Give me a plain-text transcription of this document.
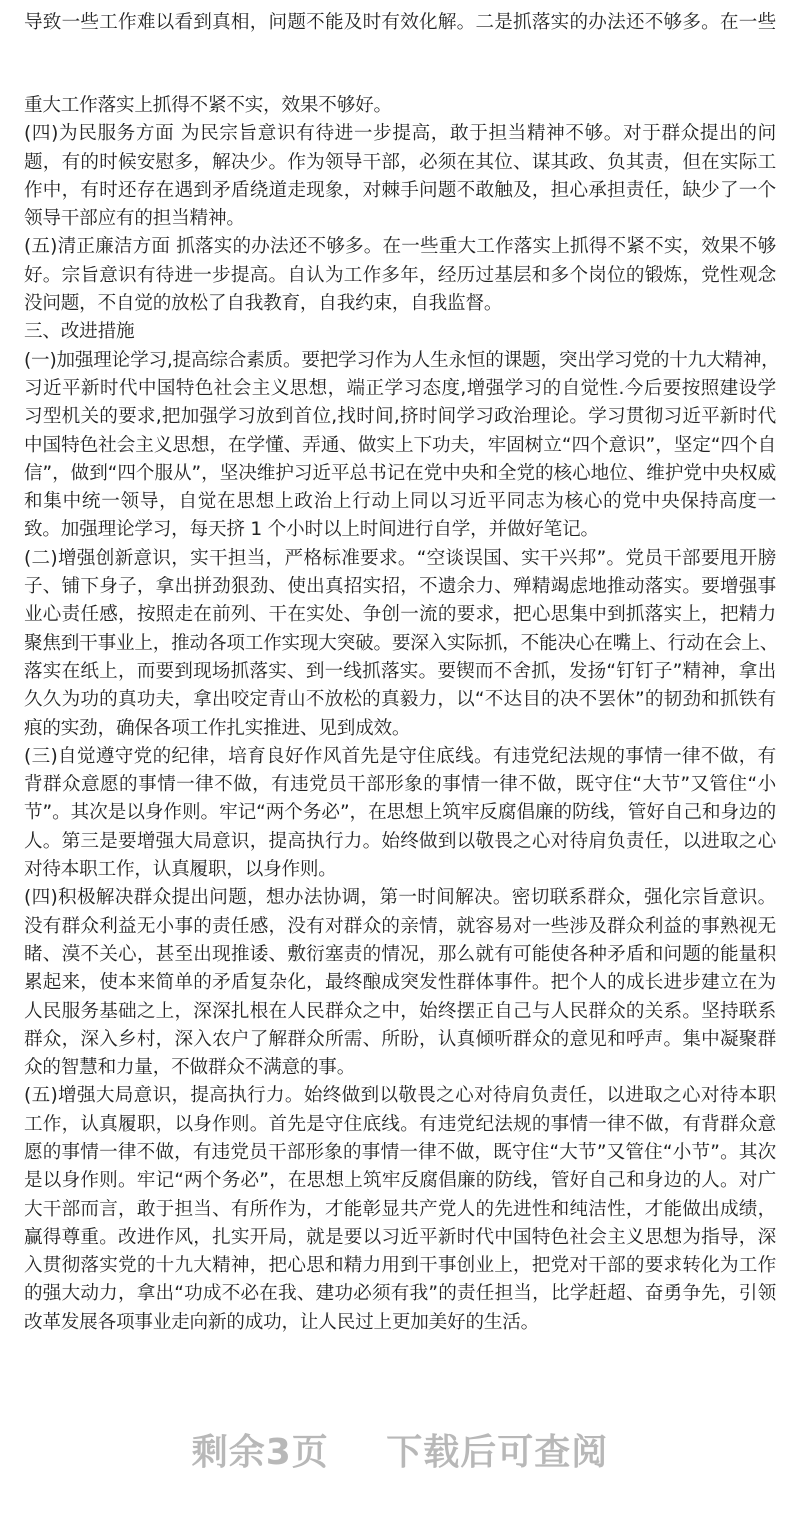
导致一些工作难以看到真相，问题不能及时有效化解。二是抓落实的办法还不够多。在一些
重大工作落实上抓得不紧不实，效果不够好。
(四)为民服务方面 为民宗旨意识有待进一步提高，敢于担当精神不够。对于群众提出的问
题，有的时候安慰多，解决少。作为领导干部，必须在其位、谋其政、负其责，但在实际工
作中，有时还存在遇到矛盾绕道走现象，对棘手问题不敢触及，担心承担责任，缺少了一个
领导干部应有的担当精神。
(五)清正廉洁方面 抓落实的办法还不够多。在一些重大工作落实上抓得不紧不实，效果不够
好。宗旨意识有待进一步提高。自认为工作多年，经历过基层和多个岗位的锻炼，党性观念
没问题，不自觉的放松了自我教育，自我约束，自我监督。
三、改进措施
(一)加强理论学习,提高综合素质。要把学习作为人生永恒的课题，突出学习党的十九大精神，
习近平新时代中国特色社会主义思想，端正学习态度,增强学习的自觉性.今后要按照建设学
习型机关的要求,把加强学习放到首位,找时间,挤时间学习政治理论。学习贯彻习近平新时代
中国特色社会主义思想，在学懂、弄通、做实上下功夫，牢固树立“四个意识”，坚定“四个自
信”，做到“四个服从”，坚决维护习近平总书记在党中央和全党的核心地位、维护党中央权威
和集中统一领导，自觉在思想上政治上行动上同以习近平同志为核心的党中央保持高度一
致。加强理论学习，每天挤 1 个小时以上时间进行自学，并做好笔记。
(二)增强创新意识，实干担当，严格标准要求。“空谈误国、实干兴邦”。党员干部要甩开膀
子、铺下身子，拿出拼劲狠劲、使出真招实招，不遗余力、殚精竭虑地推动落实。要增强事
业心责任感，按照走在前列、干在实处、争创一流的要求，把心思集中到抓落实上，把精力
聚焦到干事业上，推动各项工作实现大突破。要深入实际抓，不能决心在嘴上、行动在会上、
落实在纸上，而要到现场抓落实、到一线抓落实。要锲而不舍抓，发扬“钉钉子”精神，拿出
久久为功的真功夫，拿出咬定青山不放松的真毅力，以“不达目的决不罢休”的韧劲和抓铁有
痕的实劲，确保各项工作扎实推进、见到成效。
(三)自觉遵守党的纪律，培育良好作风首先是守住底线。有违党纪法规的事情一律不做，有
背群众意愿的事情一律不做，有违党员干部形象的事情一律不做，既守住“大节”又管住“小
节”。其次是以身作则。牢记“两个务必”，在思想上筑牢反腐倡廉的防线，管好自己和身边的
人。第三是要增强大局意识，提高执行力。始终做到以敬畏之心对待肩负责任，以进取之心
对待本职工作，认真履职，以身作则。
(四)积极解决群众提出问题，想办法协调，第一时间解决。密切联系群众，强化宗旨意识。
没有群众利益无小事的责任感，没有对群众的亲情，就容易对一些涉及群众利益的事熟视无
睹、漠不关心，甚至出现推诿、敷衍塞责的情况，那么就有可能使各种矛盾和问题的能量积
累起来，使本来简单的矛盾复杂化，最终酿成突发性群体事件。把个人的成长进步建立在为
人民服务基础之上，深深扎根在人民群众之中，始终摆正自己与人民群众的关系。坚持联系
群众，深入乡村，深入农户了解群众所需、所盼，认真倾听群众的意见和呼声。集中凝聚群
众的智慧和力量，不做群众不满意的事。
(五)增强大局意识，提高执行力。始终做到以敬畏之心对待肩负责任，以进取之心对待本职
工作，认真履职，以身作则。首先是守住底线。有违党纪法规的事情一律不做，有背群众意
愿的事情一律不做，有违党员干部形象的事情一律不做，既守住“大节”又管住“小节”。其次
是以身作则。牢记“两个务必”，在思想上筑牢反腐倡廉的防线，管好自己和身边的人。对广
大干部而言，敢于担当、有所作为，才能彰显共产党人的先进性和纯洁性，才能做出成绩，
赢得尊重。改进作风，扎实开局，就是要以习近平新时代中国特色社会主义思想为指导，深
入贯彻落实党的十九大精神，把心思和精力用到干事创业上，把党对干部的要求转化为工作
的强大动力，拿出“功成不必在我、建功必须有我”的责任担当，比学赶超、奋勇争先，引领
改革发展各项事业走向新的成功，让人民过上更加美好的生活。
剩余3页 下载后可查阅
